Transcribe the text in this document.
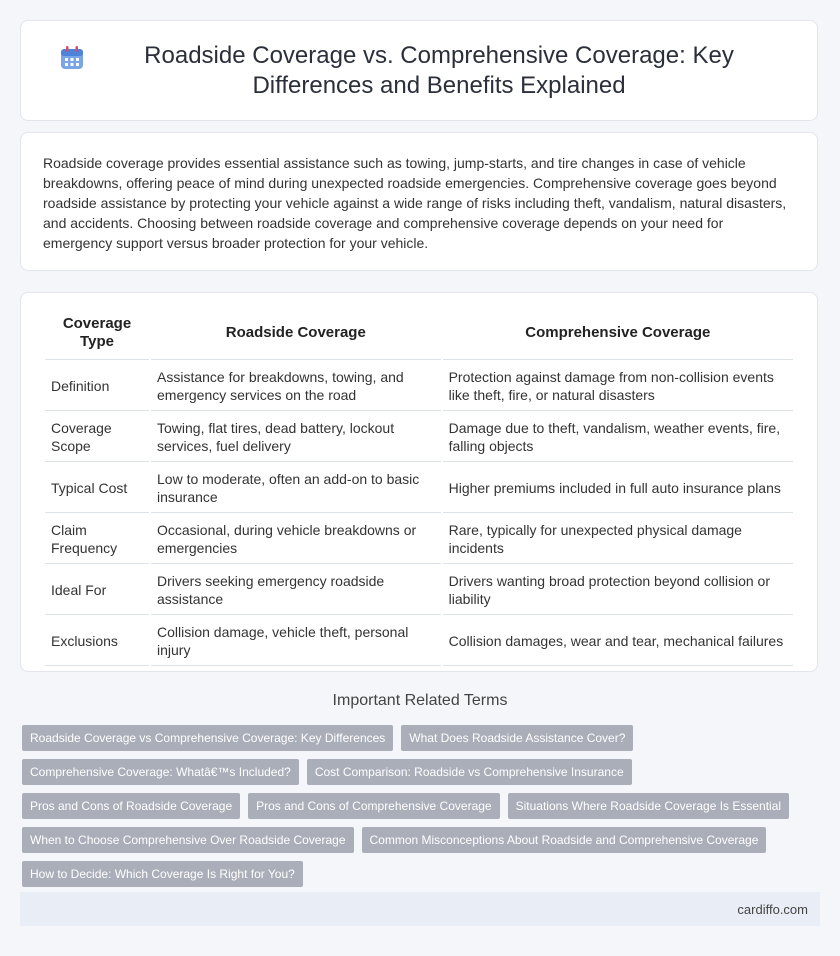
Roadside Coverage vs. Comprehensive Coverage: Key Differences and Benefits Explained

Roadside coverage provides essential assistance such as towing, jump-starts, and tire changes in case of vehicle breakdowns, offering peace of mind during unexpected roadside emergencies. Comprehensive coverage goes beyond roadside assistance by protecting your vehicle against a wide range of risks including theft, vandalism, natural disasters, and accidents. Choosing between roadside coverage and comprehensive coverage depends on your need for emergency support versus broader protection for your vehicle.

Coverage Type	Roadside Coverage	Comprehensive Coverage
Definition	Assistance for breakdowns, towing, and emergency services on the road	Protection against damage from non-collision events like theft, fire, or natural disasters
Coverage Scope	Towing, flat tires, dead battery, lockout services, fuel delivery	Damage due to theft, vandalism, weather events, fire, falling objects
Typical Cost	Low to moderate, often an add-on to basic insurance	Higher premiums included in full auto insurance plans
Claim Frequency	Occasional, during vehicle breakdowns or emergencies	Rare, typically for unexpected physical damage incidents
Ideal For	Drivers seeking emergency roadside assistance	Drivers wanting broad protection beyond collision or liability
Exclusions	Collision damage, vehicle theft, personal injury	Collision damages, wear and tear, mechanical failures
Important Related Terms
Roadside Coverage vs Comprehensive Coverage: Key Differences	What Does Roadside Assistance Cover?
Comprehensive Coverage: Whatâ€™s Included?	Cost Comparison: Roadside vs Comprehensive Insurance
Pros and Cons of Roadside Coverage	Pros and Cons of Comprehensive Coverage	Situations Where Roadside Coverage Is Essential
When to Choose Comprehensive Over Roadside Coverage	Common Misconceptions About Roadside and Comprehensive Coverage
How to Decide: Which Coverage Is Right for You?
cardiffo.com
